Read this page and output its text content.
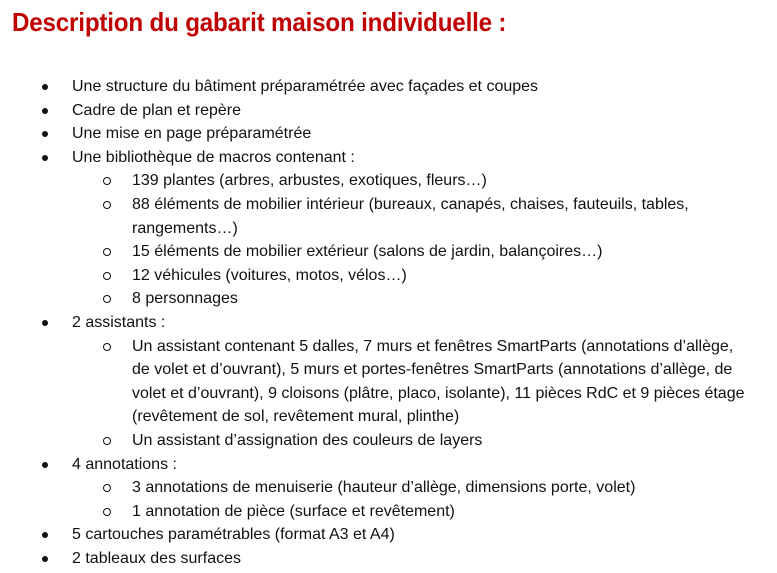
Description du gabarit maison individuelle :
Une structure du bâtiment préparamétrée avec façades et coupes
Cadre de plan et repère
Une mise en page préparamétrée
Une bibliothèque de macros contenant :
139 plantes (arbres, arbustes, exotiques, fleurs…)
88 éléments de mobilier intérieur (bureaux, canapés, chaises, fauteuils, tables, rangements…)
15 éléments de mobilier extérieur (salons de jardin, balançoires…)
12 véhicules (voitures, motos, vélos…)
8 personnages
2 assistants :
Un assistant contenant 5 dalles, 7 murs et fenêtres SmartParts (annotations d’allège, de volet et d’ouvrant), 5 murs et portes-fenêtres SmartParts (annotations d’allège, de volet et d’ouvrant), 9 cloisons (plâtre, placo, isolante), 11 pièces RdC et 9 pièces étage (revêtement de sol, revêtement mural, plinthe)
Un assistant d’assignation des couleurs de layers
4 annotations :
3 annotations de menuiserie (hauteur d’allège, dimensions porte, volet)
1 annotation de pièce (surface et revêtement)
5 cartouches paramétrables (format A3 et A4)
2 tableaux des surfaces
